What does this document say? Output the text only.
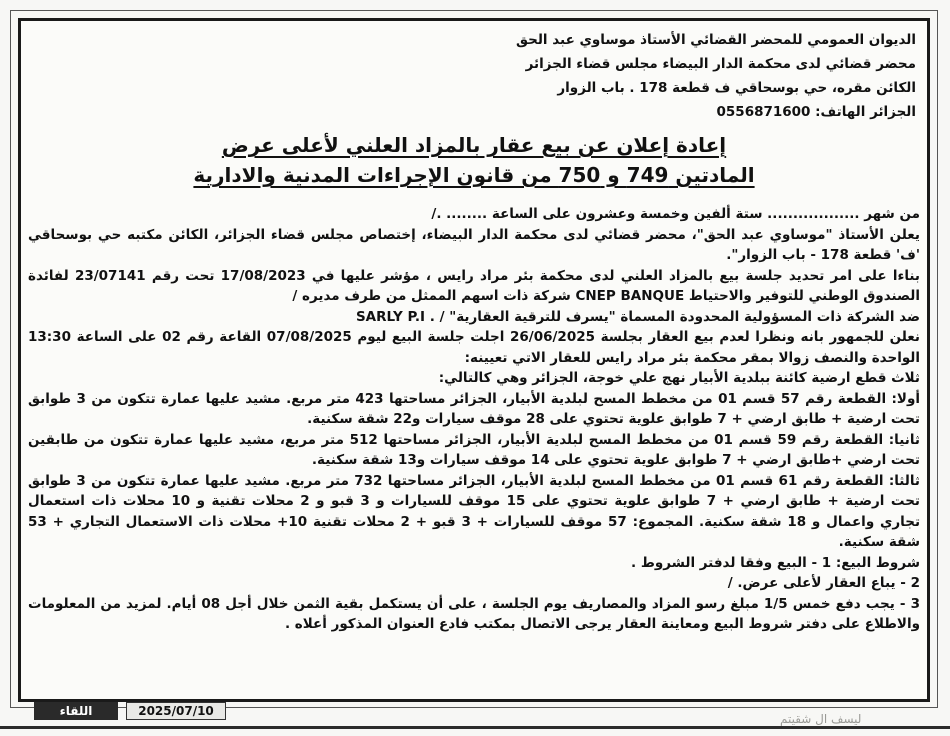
الديوان العمومي للمحضر القضائي الأستاذ موساوي عبد الحق

محضر قضائي لدى محكمة الدار البيضاء مجلس قضاء الجزائر

الكائن مقره، حي بوسحاقي ف قطعة 178 . باب الزوار

الجزائر الهاتف: 0556871600

إعادة إعلان عن بيع عقار بالمزاد العلني لأعلى عرض

المادتين 749 و 750 من قانون الإجراءات المدنية والادارية

من شهر .................. ستة ألفين وخمسة وعشرون على الساعة ........ ./

يعلن الأستاذ "موساوي عبد الحق"، محضر قضائي لدى محكمة الدار البيضاء، إختصاص مجلس قضاء الجزائر، الكائن مكتبه حي بوسحاقي 'ف' قطعة 178 - باب الزوار".

بناءا على امر تحديد جلسة بيع بالمزاد العلني لدى محكمة بئر مراد رايس ، مؤشر عليها في 17/08/2023 تحت رقم 23/07141 لفائدة الصندوق الوطني للتوفير والاحتياط CNEP BANQUE شركة ذات اسهم الممثل من طرف مديره /

ضد الشركة ذات المسؤولية المحدودة المسماة "يسرف للترقية العقارية" / . SARLY P.I

نعلن للجمهور بانه ونظرا لعدم بيع العقار بجلسة 26/06/2025 اجلت جلسة البيع ليوم 07/08/2025 القاعة رقم 02 على الساعة 13:30 الواحدة والنصف زوالا بمقر محكمة بئر مراد رايس للعقار الاتي تعيينه:

ثلاث قطع ارضية كائنة ببلدية الأبيار نهج علي خوجة، الجزائر وهي كالتالي:

أولا: القطعة رقم 57 قسم 01 من مخطط المسح لبلدية الأبيار، الجزائر مساحتها 423 متر مربع. مشيد عليها عمارة تتكون من 3 طوابق تحت ارضية + طابق ارضي + 7 طوابق علوية تحتوي على 28 موقف سيارات و22 شقة سكنية.

ثانيا: القطعة رقم 59 قسم 01 من مخطط المسح لبلدية الأبيار، الجزائر مساحتها 512 متر مربع، مشيد عليها عمارة تتكون من طابقين تحت ارضي +طابق ارضي + 7 طوابق علوية تحتوي على 14 موقف سيارات و13 شقة سكنية.

ثالثا: القطعة رقم 61 قسم 01 من مخطط المسح لبلدية الأبيار، الجزائر مساحتها 732 متر مربع. مشيد عليها عمارة تتكون من 3 طوابق تحت ارضية + طابق ارضي + 7 طوابق علوية تحتوي على 15 موقف للسيارات و 3 قبو و 2 محلات تقنية و 10 محلات ذات استعمال تجاري واعمال و 18 شقة سكنية. المجموع: 57 موقف للسيارات + 3 قبو + 2 محلات تقنية 10+ محلات ذات الاستعمال التجاري + 53 شقة سكنية.

شروط البيع: 1 - البيع وفقا لدفتر الشروط .

2 - يباع العقار لأعلى عرض. /

3 - يجب دفع خمس 1/5 مبلغ رسو المزاد والمصاريف يوم الجلسة ، على أن يستكمل بقية الثمن خلال أجل 08 أيام. لمزيد من المعلومات والاطلاع على دفتر شروط البيع ومعاينة العقار يرجى الاتصال بمكتب فادع العنوان المذكور أعلاه .

اللقاء	2025/07/10
ليسف ال شقيتم
